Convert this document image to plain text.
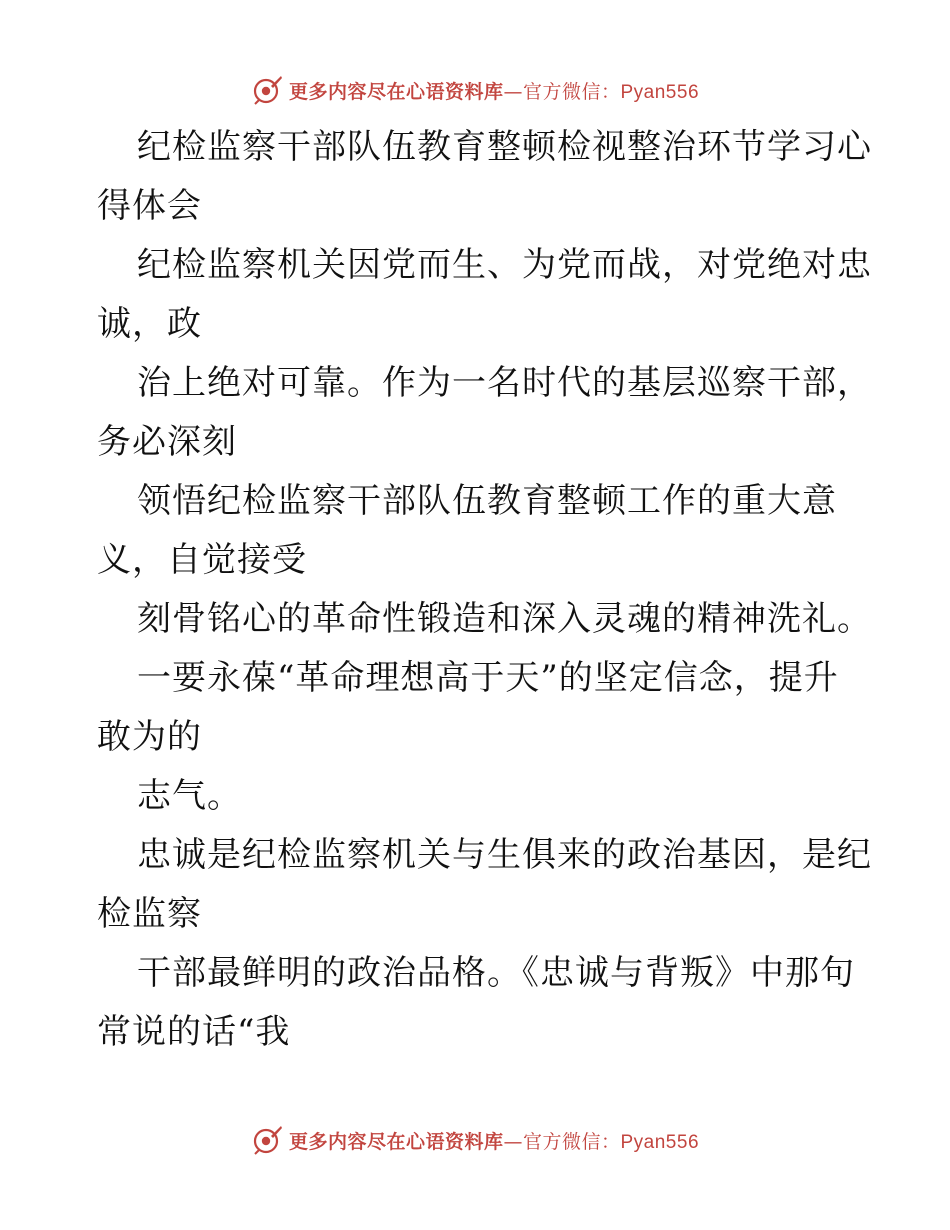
更多内容尽在心语资料库—官方微信：Pyan556
纪检监察干部队伍教育整顿检视整治环节学习心
得体会
纪检监察机关因党而生、为党而战，对党绝对忠
诚，政
治上绝对可靠。作为一名时代的基层巡察干部，
务必深刻
领悟纪检监察干部队伍教育整顿工作的重大意
义，自觉接受
刻骨铭心的革命性锻造和深入灵魂的精神洗礼。
一要永葆“革命理想高于天”的坚定信念，提升
敢为的
志气。
忠诚是纪检监察机关与生俱来的政治基因，是纪
检监察
干部最鲜明的政治品格。《忠诚与背叛》中那句
常说的话“我
更多内容尽在心语资料库—官方微信：Pyan556
